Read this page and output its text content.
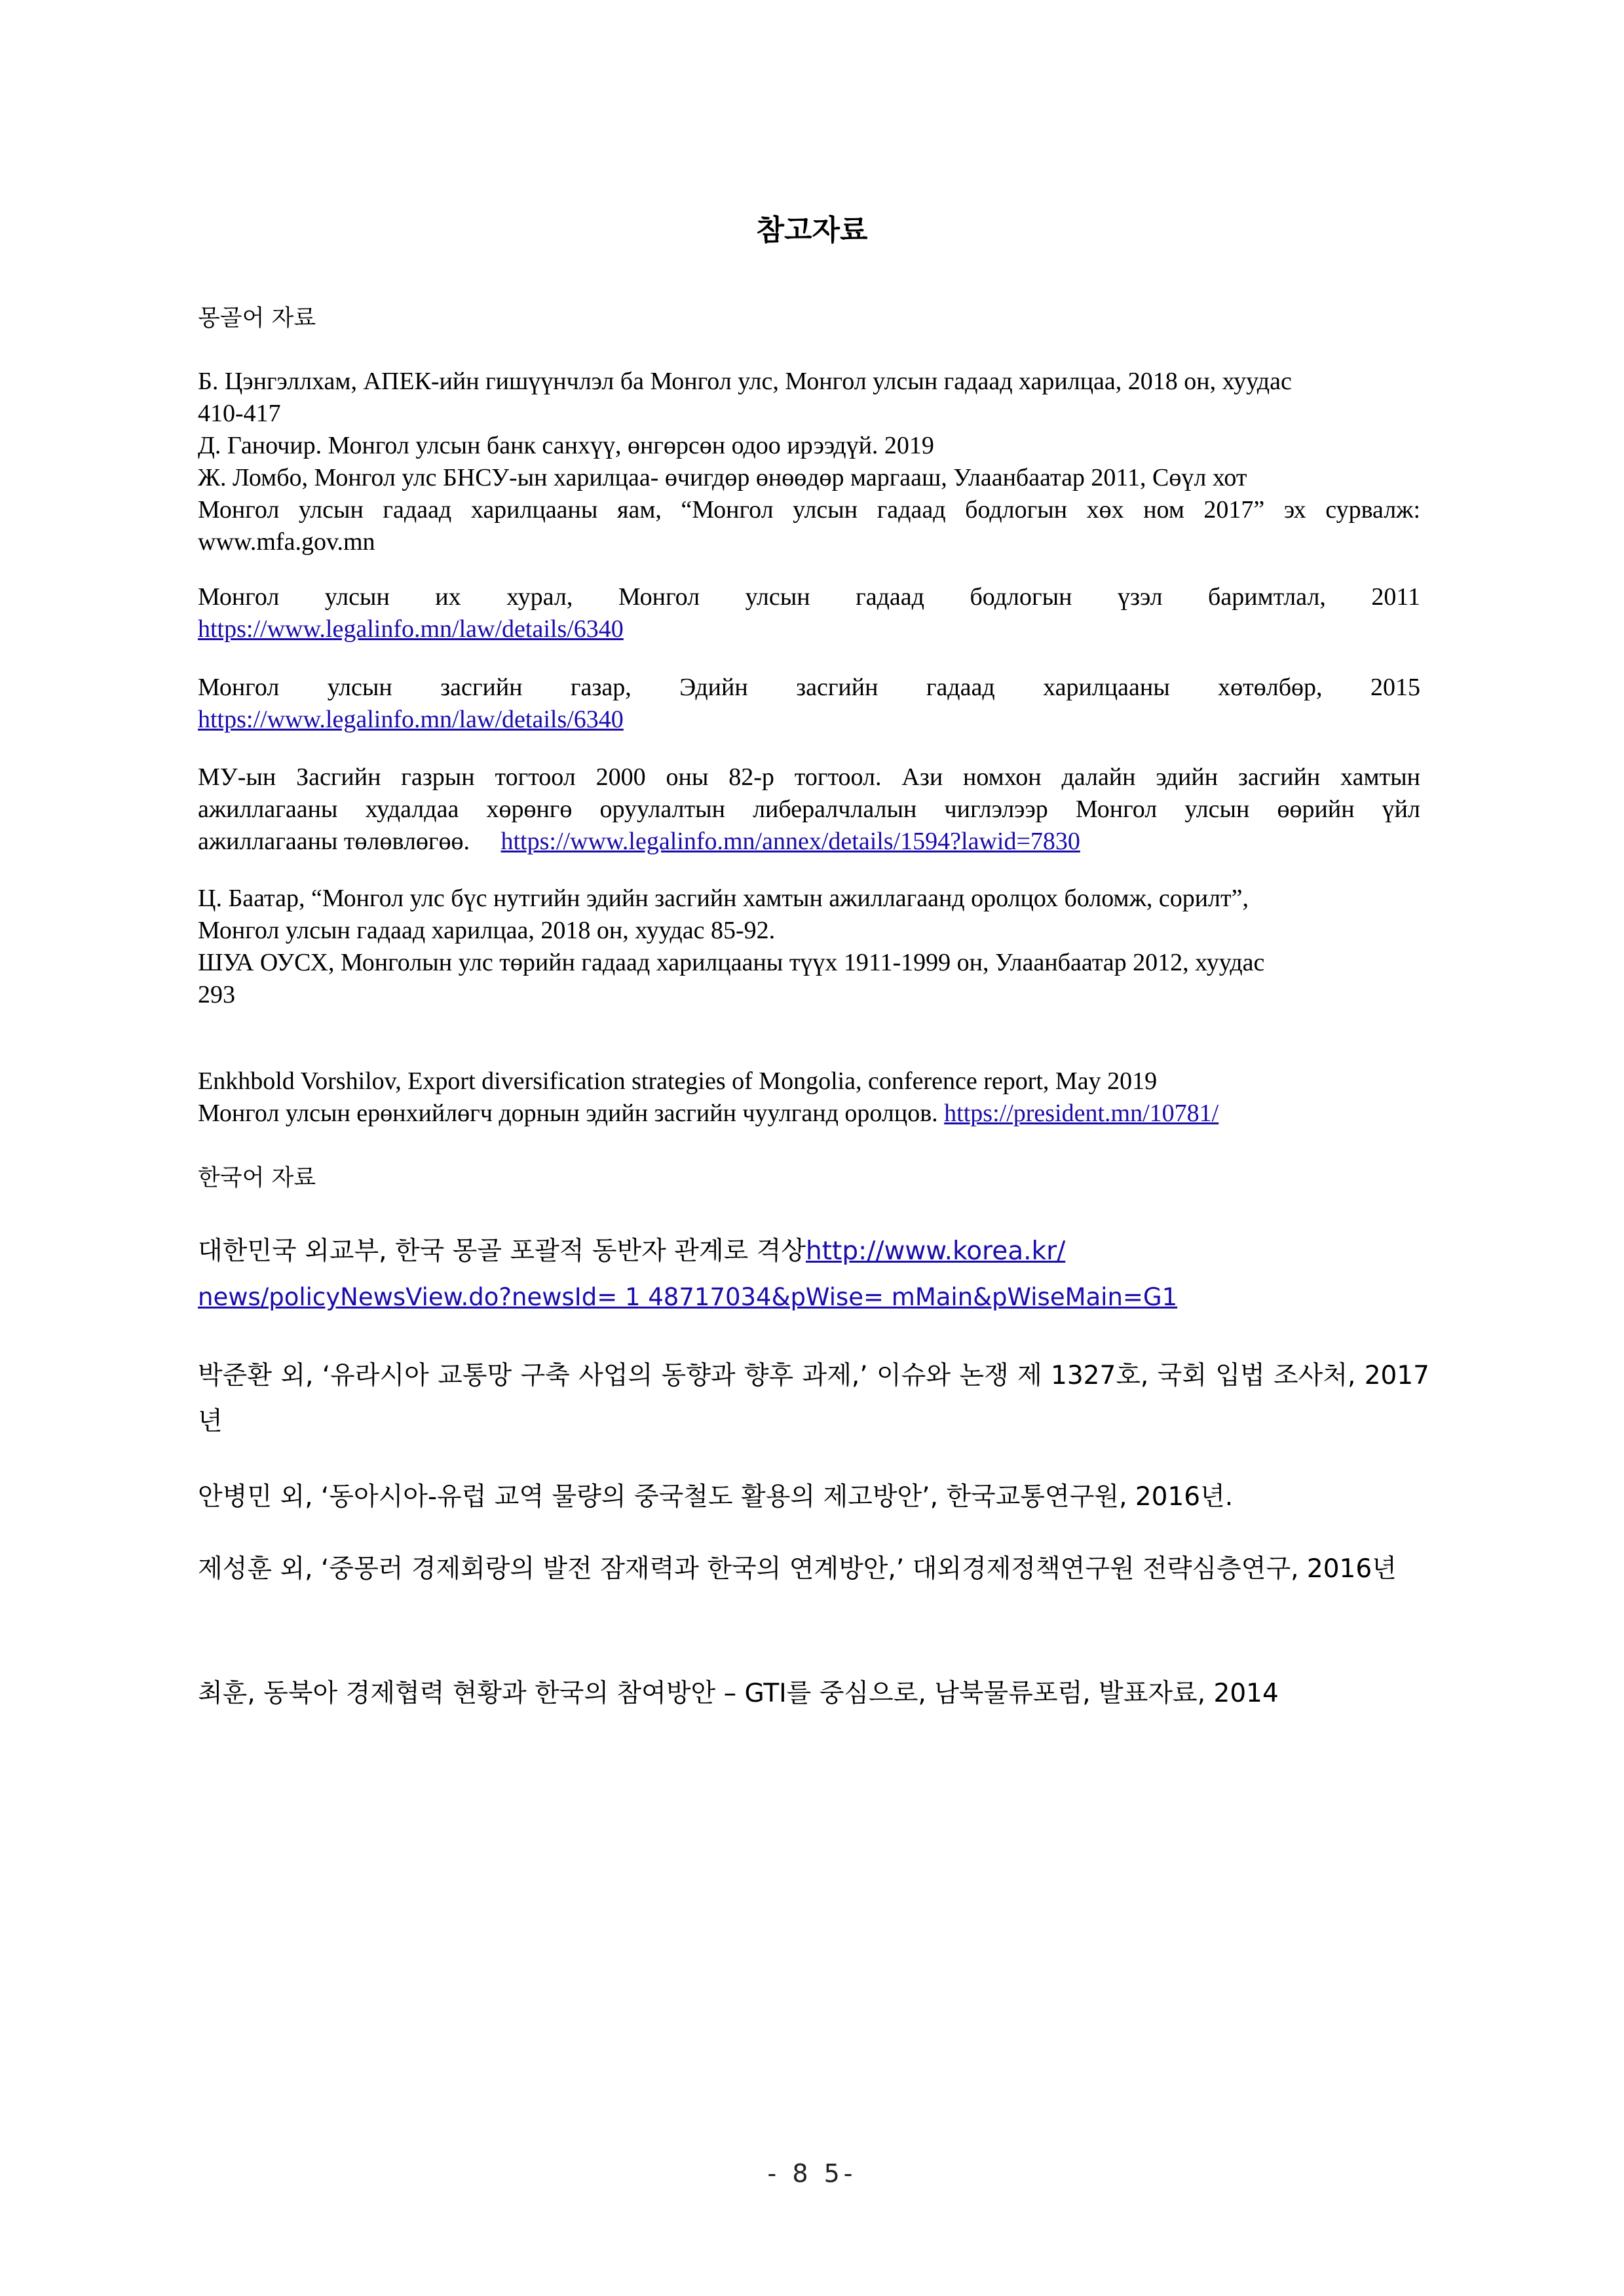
참고자료
몽골어 자료
Б. Цэнгэллхам, АПЕК-ийн гишүүнчлэл ба Монгол улс, Монгол улсын гадаад харилцаа, 2018 он, хуудас
410-417
Д. Ганочир. Монгол улсын банк санхүү, өнгөрсөн одоо ирээдүй. 2019
Ж. Ломбо, Монгол улс БНСУ-ын харилцаа- өчигдөр өнөөдөр маргааш, Улаанбаатар 2011, Сөүл хот
Монгол улсын гадаад харилцааны яам, “Монгол улсын гадаад бодлогын хөх ном 2017” эх сурвалж:
www.mfa.gov.mn
Монгол улсын их хурал, Монгол улсын гадаад бодлогын үзэл баримтлал, 2011
https://www.legalinfo.mn/law/details/6340
Монгол улсын засгийн газар, Эдийн засгийн гадаад харилцааны хөтөлбөр, 2015
https://www.legalinfo.mn/law/details/6340
МУ-ын Засгийн газрын тогтоол 2000 оны 82-р тогтоол. Ази номхон далайн эдийн засгийн хамтын
ажиллагааны худалдаа хөрөнгө оруулалтын либералчлалын чиглэлээр Монгол улсын өөрийн үйл
ажиллагааны төлөвлөгөө. https://www.legalinfo.mn/annex/details/1594?lawid=7830
Ц. Баатар, “Монгол улс бүс нутгийн эдийн засгийн хамтын ажиллагаанд оролцох боломж, сорилт”,
Монгол улсын гадаад харилцаа, 2018 он, хуудас 85-92.
ШУА ОУСХ, Монголын улс төрийн гадаад харилцааны түүх 1911-1999 он, Улаанбаатар 2012, хуудас
293
Enkhbold Vorshilov, Export diversification strategies of Mongolia, conference report, May 2019
Монгол улсын ерөнхийлөгч дорнын эдийн засгийн чуулганд оролцов. https://president.mn/10781/
한국어 자료
대한민국 외교부, 한국 몽골 포괄적 동반자 관계로 격상http://www.korea.kr/
news/policyNewsView.do?newsId= 1 48717034&pWise= mMain&pWiseMain=G1
박준환 외, ‘유라시아 교통망 구축 사업의 동향과 향후 과제,’ 이슈와 논쟁 제 1327호, 국회 입법 조사처, 2017년
안병민 외, ‘동아시아-유럽 교역 물량의 중국철도 활용의 제고방안’, 한국교통연구원, 2016년.
제성훈 외, ‘중몽러 경제회랑의 발전 잠재력과 한국의 연계방안,’ 대외경제정책연구원 전략심층연구, 2016년
최훈, 동북아 경제협력 현황과 한국의 참여방안 – GTI를 중심으로, 남북물류포럼, 발표자료, 2014
- 8 5-
